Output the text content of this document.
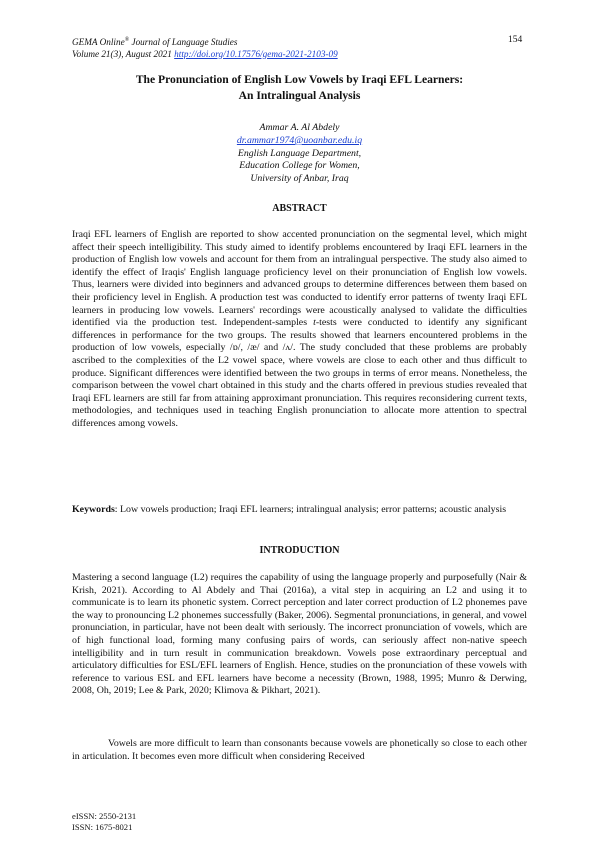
GEMA Online® Journal of Language Studies
Volume 21(3), August 2021 http://doi.org/10.17576/gema-2021-2103-09
154
The Pronunciation of English Low Vowels by Iraqi EFL Learners:
An Intralingual Analysis
Ammar A. Al Abdely
dr.ammar1974@uoanbar.edu.iq
English Language Department,
Education College for Women,
University of Anbar, Iraq
ABSTRACT
Iraqi EFL learners of English are reported to show accented pronunciation on the segmental level, which might affect their speech intelligibility. This study aimed to identify problems encountered by Iraqi EFL learners in the production of English low vowels and account for them from an intralingual perspective. The study also aimed to identify the effect of Iraqis' English language proficiency level on their pronunciation of English low vowels. Thus, learners were divided into beginners and advanced groups to determine differences between them based on their proficiency level in English. A production test was conducted to identify error patterns of twenty Iraqi EFL learners in producing low vowels. Learners' recordings were acoustically analysed to validate the difficulties identified via the production test. Independent-samples t-tests were conducted to identify any significant differences in performance for the two groups. The results showed that learners encountered problems in the production of low vowels, especially /ɒ/, /æ/ and /ʌ/. The study concluded that these problems are probably ascribed to the complexities of the L2 vowel space, where vowels are close to each other and thus difficult to produce. Significant differences were identified between the two groups in terms of error means. Nonetheless, the comparison between the vowel chart obtained in this study and the charts offered in previous studies revealed that Iraqi EFL learners are still far from attaining approximant pronunciation. This requires reconsidering current texts, methodologies, and techniques used in teaching English pronunciation to allocate more attention to spectral differences among vowels.
Keywords: Low vowels production; Iraqi EFL learners; intralingual analysis; error patterns; acoustic analysis
INTRODUCTION
Mastering a second language (L2) requires the capability of using the language properly and purposefully (Nair & Krish, 2021). According to Al Abdely and Thai (2016a), a vital step in acquiring an L2 and using it to communicate is to learn its phonetic system. Correct perception and later correct production of L2 phonemes pave the way to pronouncing L2 phonemes successfully (Baker, 2006). Segmental pronunciations, in general, and vowel pronunciation, in particular, have not been dealt with seriously. The incorrect pronunciation of vowels, which are of high functional load, forming many confusing pairs of words, can seriously affect non-native speech intelligibility and in turn result in communication breakdown. Vowels pose extraordinary perceptual and articulatory difficulties for ESL/EFL learners of English. Hence, studies on the pronunciation of these vowels with reference to various ESL and EFL learners have become a necessity (Brown, 1988, 1995; Munro & Derwing, 2008, Oh, 2019; Lee & Park, 2020; Klimova & Pikhart, 2021).
Vowels are more difficult to learn than consonants because vowels are phonetically so close to each other in articulation. It becomes even more difficult when considering Received
eISSN: 2550-2131
ISSN: 1675-8021
